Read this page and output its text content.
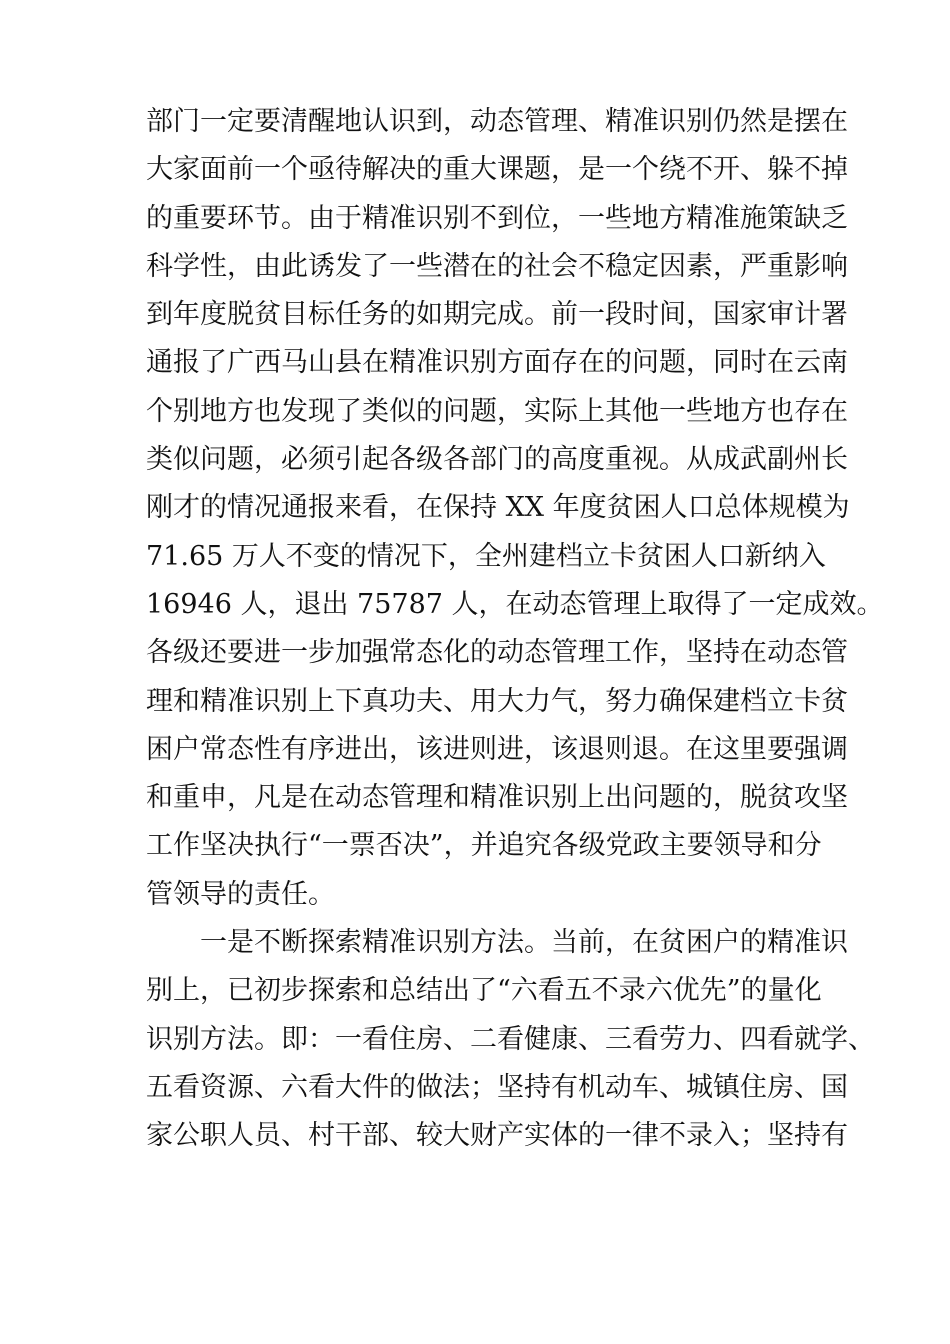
部门一定要清醒地认识到，动态管理、精准识别仍然是摆在
大家面前一个亟待解决的重大课题，是一个绕不开、躲不掉
的重要环节。由于精准识别不到位，一些地方精准施策缺乏
科学性，由此诱发了一些潜在的社会不稳定因素，严重影响
到年度脱贫目标任务的如期完成。前一段时间，国家审计署
通报了广西马山县在精准识别方面存在的问题，同时在云南
个别地方也发现了类似的问题，实际上其他一些地方也存在
类似问题，必须引起各级各部门的高度重视。从成武副州长
刚才的情况通报来看，在保持 XX 年度贫困人口总体规模为
71.65 万人不变的情况下，全州建档立卡贫困人口新纳入
16946 人，退出 75787 人，在动态管理上取得了一定成效。
各级还要进一步加强常态化的动态管理工作，坚持在动态管
理和精准识别上下真功夫、用大力气，努力确保建档立卡贫
困户常态性有序进出，该进则进，该退则退。在这里要强调
和重申，凡是在动态管理和精准识别上出问题的，脱贫攻坚
工作坚决执行“一票否决”，并追究各级党政主要领导和分
管领导的责任。
一是不断探索精准识别方法。当前，在贫困户的精准识
别上，已初步探索和总结出了“六看五不录六优先”的量化
识别方法。即：一看住房、二看健康、三看劳力、四看就学、
五看资源、六看大件的做法；坚持有机动车、城镇住房、国
家公职人员、村干部、较大财产实体的一律不录入；坚持有
